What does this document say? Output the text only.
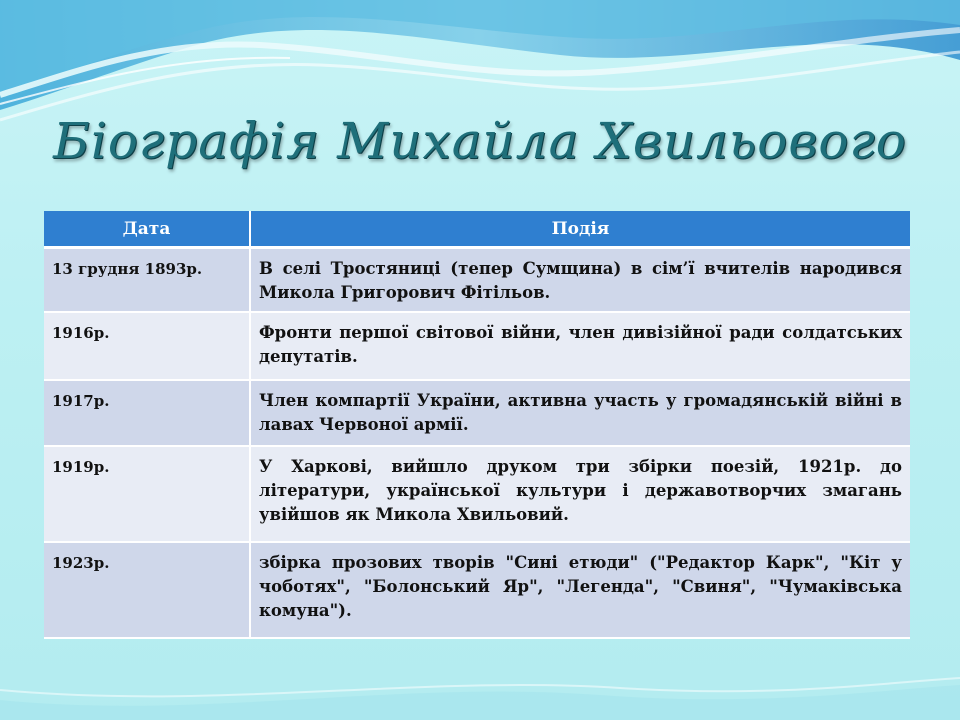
Біографія Михайла Хвильового
Дата	Подія
13 грудня 1893р.	В селі Тростяниці (тепер Сумщина) в сім’ї вчителів народився Микола Григорович Фітільов.
1916р.	Фронти першої світової війни, член дивізійної ради солдатських депутатів.
1917р.	Член компартії України, активна участь у громадянській війні в лавах Червоної армії.
1919р.	У Харкові, вийшло друком три збірки поезій, 1921р. до літератури, української культури і державотворчих змагань увійшов як Микола Хвильовий.
1923р.	збірка прозових творів "Сині етюди" ("Редактор Карк", "Кіт у чоботях", "Болонський Яр", "Легенда", "Свиня", "Чумаківська комуна").
